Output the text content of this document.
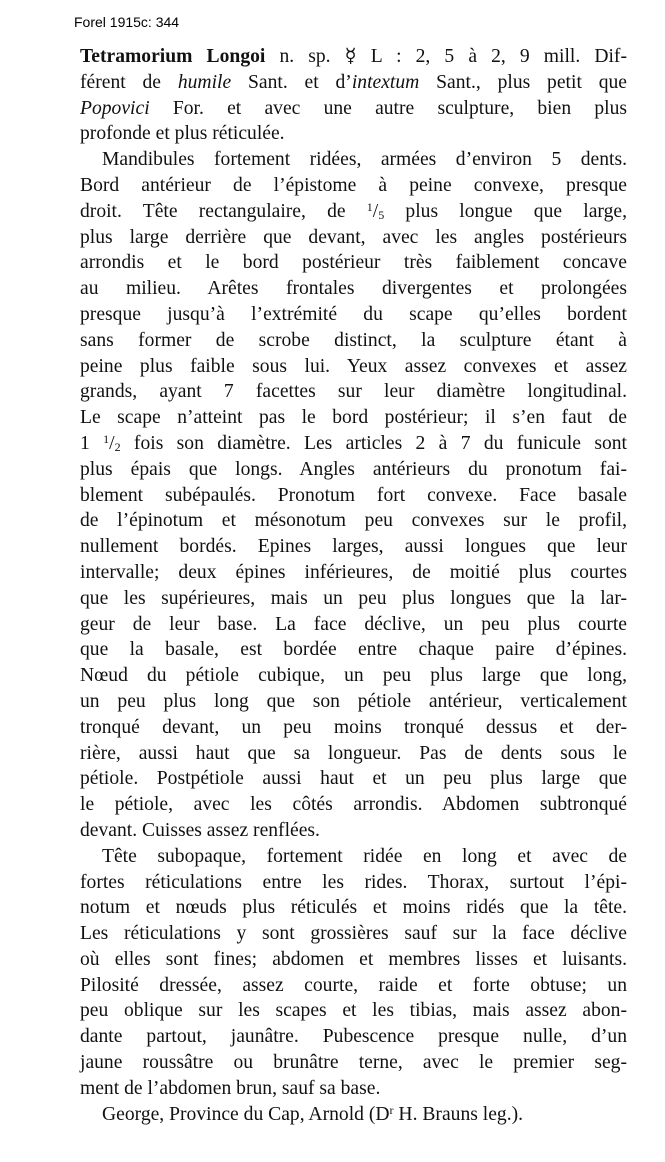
Forel 1915c: 344
Tetramorium Longoi n. sp. ☿ L : 2, 5 à 2, 9 mill. Dif-
férent de humile Sant. et d’intextum Sant., plus petit que
Popovici For. et avec une autre sculpture, bien plus
profonde et plus réticulée.
Mandibules fortement ridées, armées d’environ 5 dents.
Bord antérieur de l’épistome à peine convexe, presque
droit. Tête rectangulaire, de $^1/_5$ plus longue que large,
plus large derrière que devant, avec les angles postérieurs
arrondis et le bord postérieur très faiblement concave
au milieu. Arêtes frontales divergentes et prolongées
presque jusqu’à l’extrémité du scape qu’elles bordent
sans former de scrobe distinct, la sculpture étant à
peine plus faible sous lui. Yeux assez convexes et assez
grands, ayant 7 facettes sur leur diamètre longitudinal.
Le scape n’atteint pas le bord postérieur; il s’en faut de
1 $^1/_2$ fois son diamètre. Les articles 2 à 7 du funicule sont
plus épais que longs. Angles antérieurs du pronotum fai-
blement subépaulés. Pronotum fort convexe. Face basale
de l’épinotum et mésonotum peu convexes sur le profil,
nullement bordés. Epines larges, aussi longues que leur
intervalle; deux épines inférieures, de moitié plus courtes
que les supérieures, mais un peu plus longues que la lar-
geur de leur base. La face déclive, un peu plus courte
que la basale, est bordée entre chaque paire d’épines.
Nœud du pétiole cubique, un peu plus large que long,
un peu plus long que son pétiole antérieur, verticalement
tronqué devant, un peu moins tronqué dessus et der-
rière, aussi haut que sa longueur. Pas de dents sous le
pétiole. Postpétiole aussi haut et un peu plus large que
le pétiole, avec les côtés arrondis. Abdomen subtronqué
devant. Cuisses assez renflées.
Tête subopaque, fortement ridée en long et avec de
fortes réticulations entre les rides. Thorax, surtout l’épi-
notum et nœuds plus réticulés et moins ridés que la tête.
Les réticulations y sont grossières sauf sur la face déclive
où elles sont fines; abdomen et membres lisses et luisants.
Pilosité dressée, assez courte, raide et forte obtuse; un
peu oblique sur les scapes et les tibias, mais assez abon-
dante partout, jaunâtre. Pubescence presque nulle, d’un
jaune roussâtre ou brunâtre terne, avec le premier seg-
ment de l’abdomen brun, sauf sa base.
George, Province du Cap, Arnold ($D^r$ H. Brauns leg.).
